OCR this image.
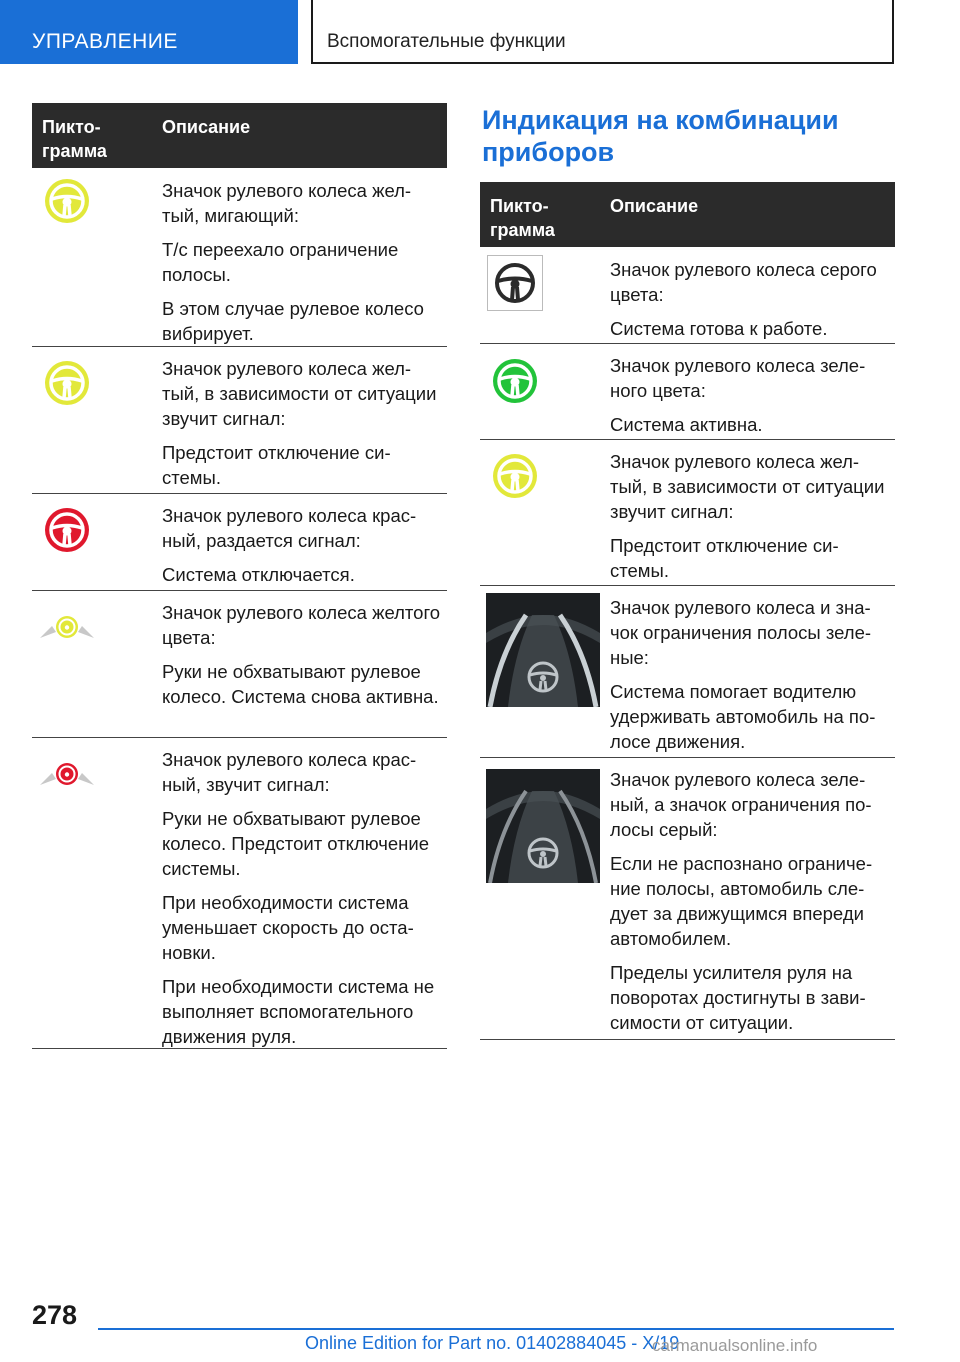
УПРАВЛЕНИЕ	Вспомогательные функции
Пикто-
грамма
Описание

Значок рулевого колеса желтый, мигающий:

Т/с переехало ограничение полосы.

В этом случае рулевое колесо вибрирует.

Значок рулевого колеса желтый, в зависимости от ситуации звучит сигнал:

Предстоит отключение системы.

Значок рулевого колеса красный, раздается сигнал:

Система отключается.

Значок рулевого колеса желтого цвета:

Руки не обхватывают рулевое колесо. Система снова активна.

Значок рулевого колеса красный, звучит сигнал:

Руки не обхватывают рулевое колесо. Предстоит отключение системы.

При необходимости система уменьшает скорость до остановки.

При необходимости система не выполняет вспомогательного движения руля.

Индикация на комбинации приборов
Пикто-
грамма
Описание

Значок рулевого колеса серого цвета:

Система готова к работе.

Значок рулевого колеса зеленого цвета:

Система активна.

Значок рулевого колеса желтый, в зависимости от ситуации звучит сигнал:

Предстоит отключение системы.

Значок рулевого колеса и значок ограничения полосы зеленые:

Система помогает водителю удерживать автомобиль на полосе движения.

Значок рулевого колеса зеленый, а значок ограничения полосы серый:

Если не распознано ограничение полосы, автомобиль следует за движущимся впереди автомобилем.

Пределы усилителя руля на поворотах достигнуты в зависимости от ситуации.

278
Online Edition for Part no. 01402884045 - X/19
carmanualsonline.info
